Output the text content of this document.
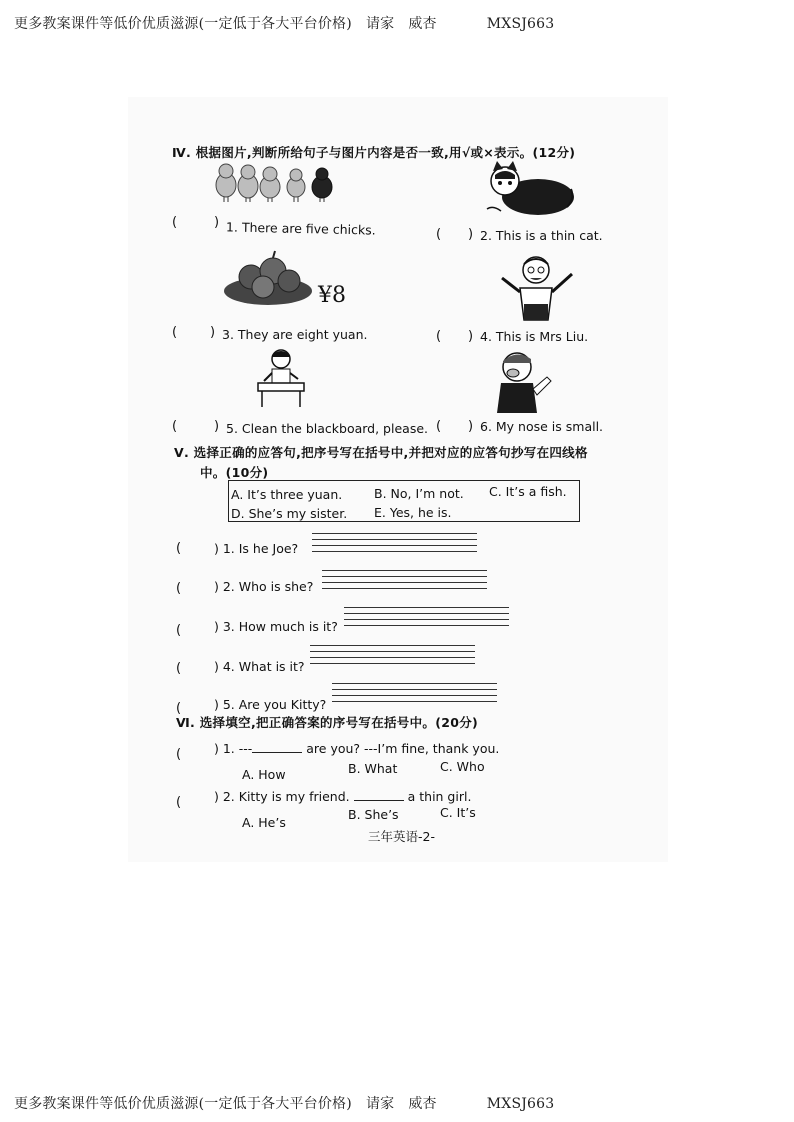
更多教案课件等低价优质滋源(一定低于各大平台价格) 请家 威杏	MXSJ663
Ⅳ. 根据图片,判断所给句子与图片内容是否一致,用√或×表示。(12分)
(	) 1. There are five chicks.	( ) 2. This is a thin cat.
¥8
(	) 3. They are eight yuan.	( ) 4. This is Mrs Liu.
(	) 5. Clean the blackboard, please. ( ) 6. My nose is small.
Ⅴ. 选择正确的应答句,把序号写在括号中,并把对应的应答句抄写在四线格
中。(10分)
A. It’s three yuan.	B. No, I’m not. C. It’s a fish.
D. She’s my sister. E. Yes, he is.
(	) 1. Is he Joe?
(	) 2. Who is she?
(	) 3. How much is it?
(	) 4. What is it?
(	) 5. Are you Kitty?
Ⅵ. 选择填空,把正确答案的序号写在括号中。(20分)
(	) 1. ---	are you? ---I’m fine, thank you.
A. How	B. What	C. Who
(	) 2. Kitty is my friend.	a thin girl.
A. He’s
B. She’s	C. It’s
三年英语-2-
更多教案课件等低价优质滋源(一定低于各大平台价格) 请家 威杏	MXSJ663
